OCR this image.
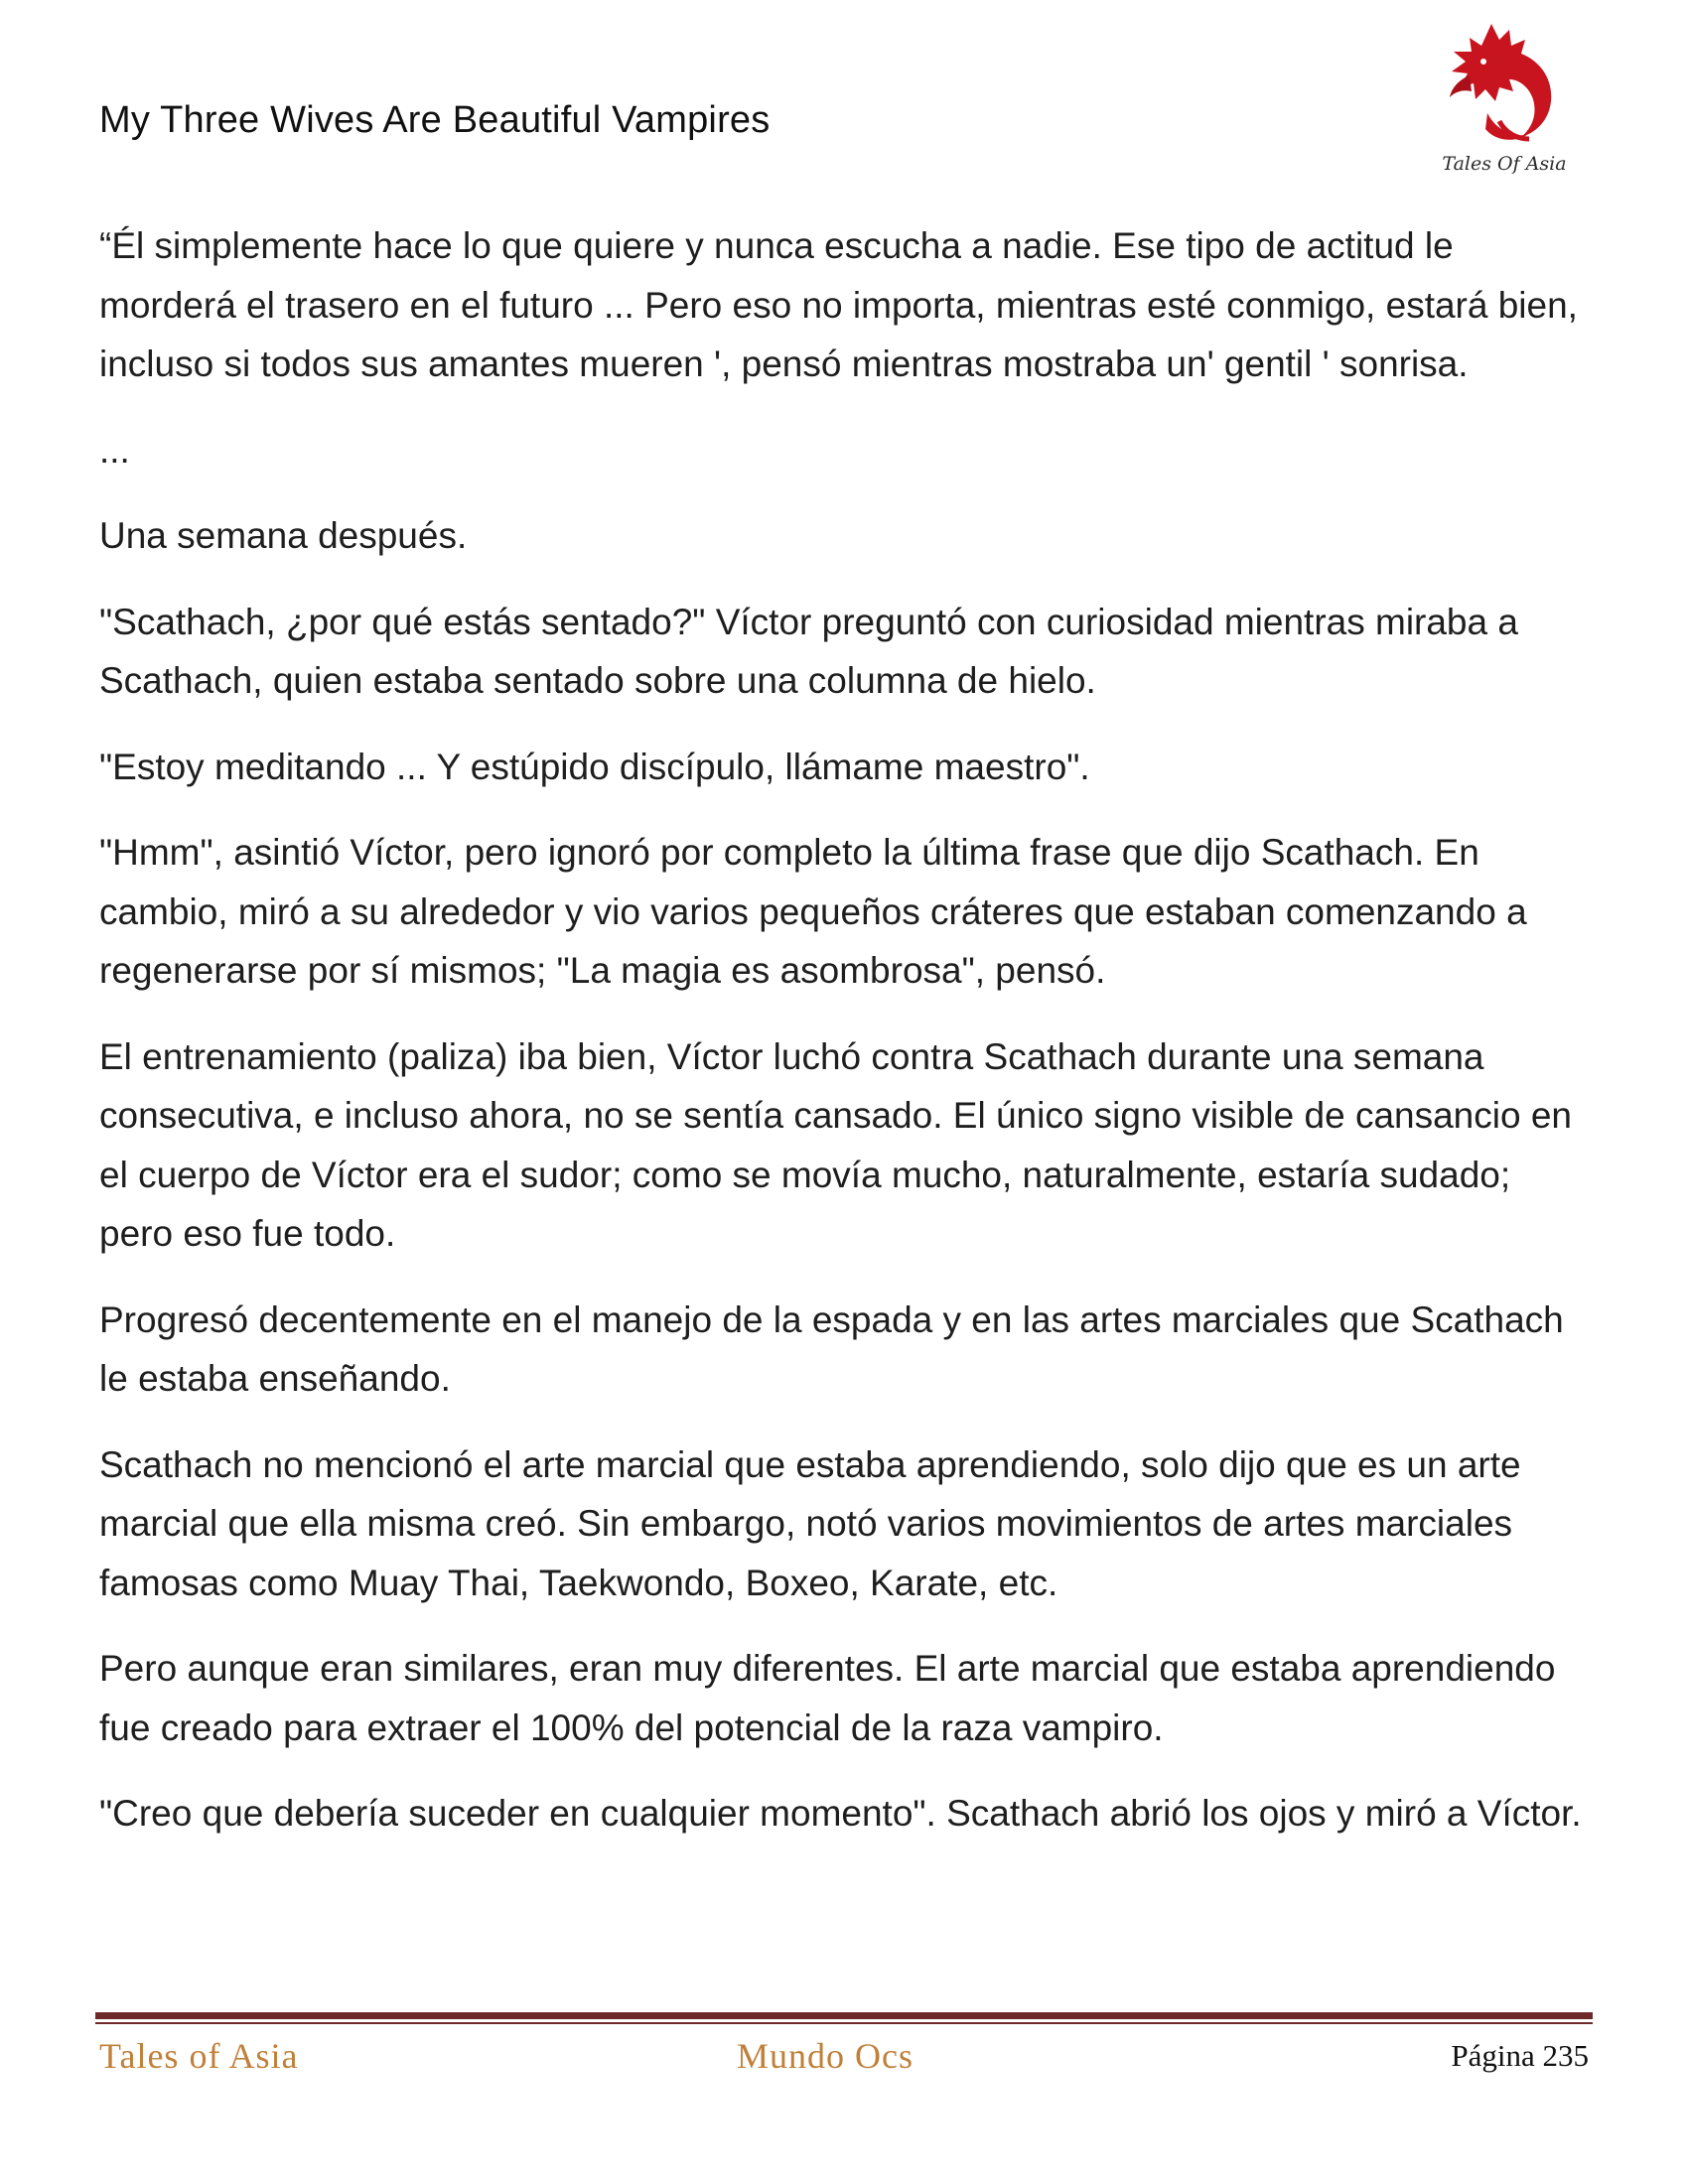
My Three Wives Are Beautiful Vampires
Tales Of Asia

“Él simplemente hace lo que quiere y nunca escucha a nadie. Ese tipo de actitud le morderá el trasero en el futuro ... Pero eso no importa, mientras esté conmigo, estará bien, incluso si todos sus amantes mueren ', pensó mientras mostraba un' gentil ' sonrisa.

...

Una semana después.

"Scathach, ¿por qué estás sentado?" Víctor preguntó con curiosidad mientras miraba a Scathach, quien estaba sentado sobre una columna de hielo.

"Estoy meditando ... Y estúpido discípulo, llámame maestro".

"Hmm", asintió Víctor, pero ignoró por completo la última frase que dijo Scathach. En cambio, miró a su alrededor y vio varios pequeños cráteres que estaban comenzando a regenerarse por sí mismos; "La magia es asombrosa", pensó.

El entrenamiento (paliza) iba bien, Víctor luchó contra Scathach durante una semana consecutiva, e incluso ahora, no se sentía cansado. El único signo visible de cansancio en el cuerpo de Víctor era el sudor; como se movía mucho, naturalmente, estaría sudado; pero eso fue todo.

Progresó decentemente en el manejo de la espada y en las artes marciales que Scathach le estaba enseñando.

Scathach no mencionó el arte marcial que estaba aprendiendo, solo dijo que es un arte marcial que ella misma creó. Sin embargo, notó varios movimientos de artes marciales famosas como Muay Thai, Taekwondo, Boxeo, Karate, etc.

Pero aunque eran similares, eran muy diferentes. El arte marcial que estaba aprendiendo fue creado para extraer el 100% del potencial de la raza vampiro.

"Creo que debería suceder en cualquier momento". Scathach abrió los ojos y miró a Víctor.

Tales of Asia	Mundo Ocs	Página 235
